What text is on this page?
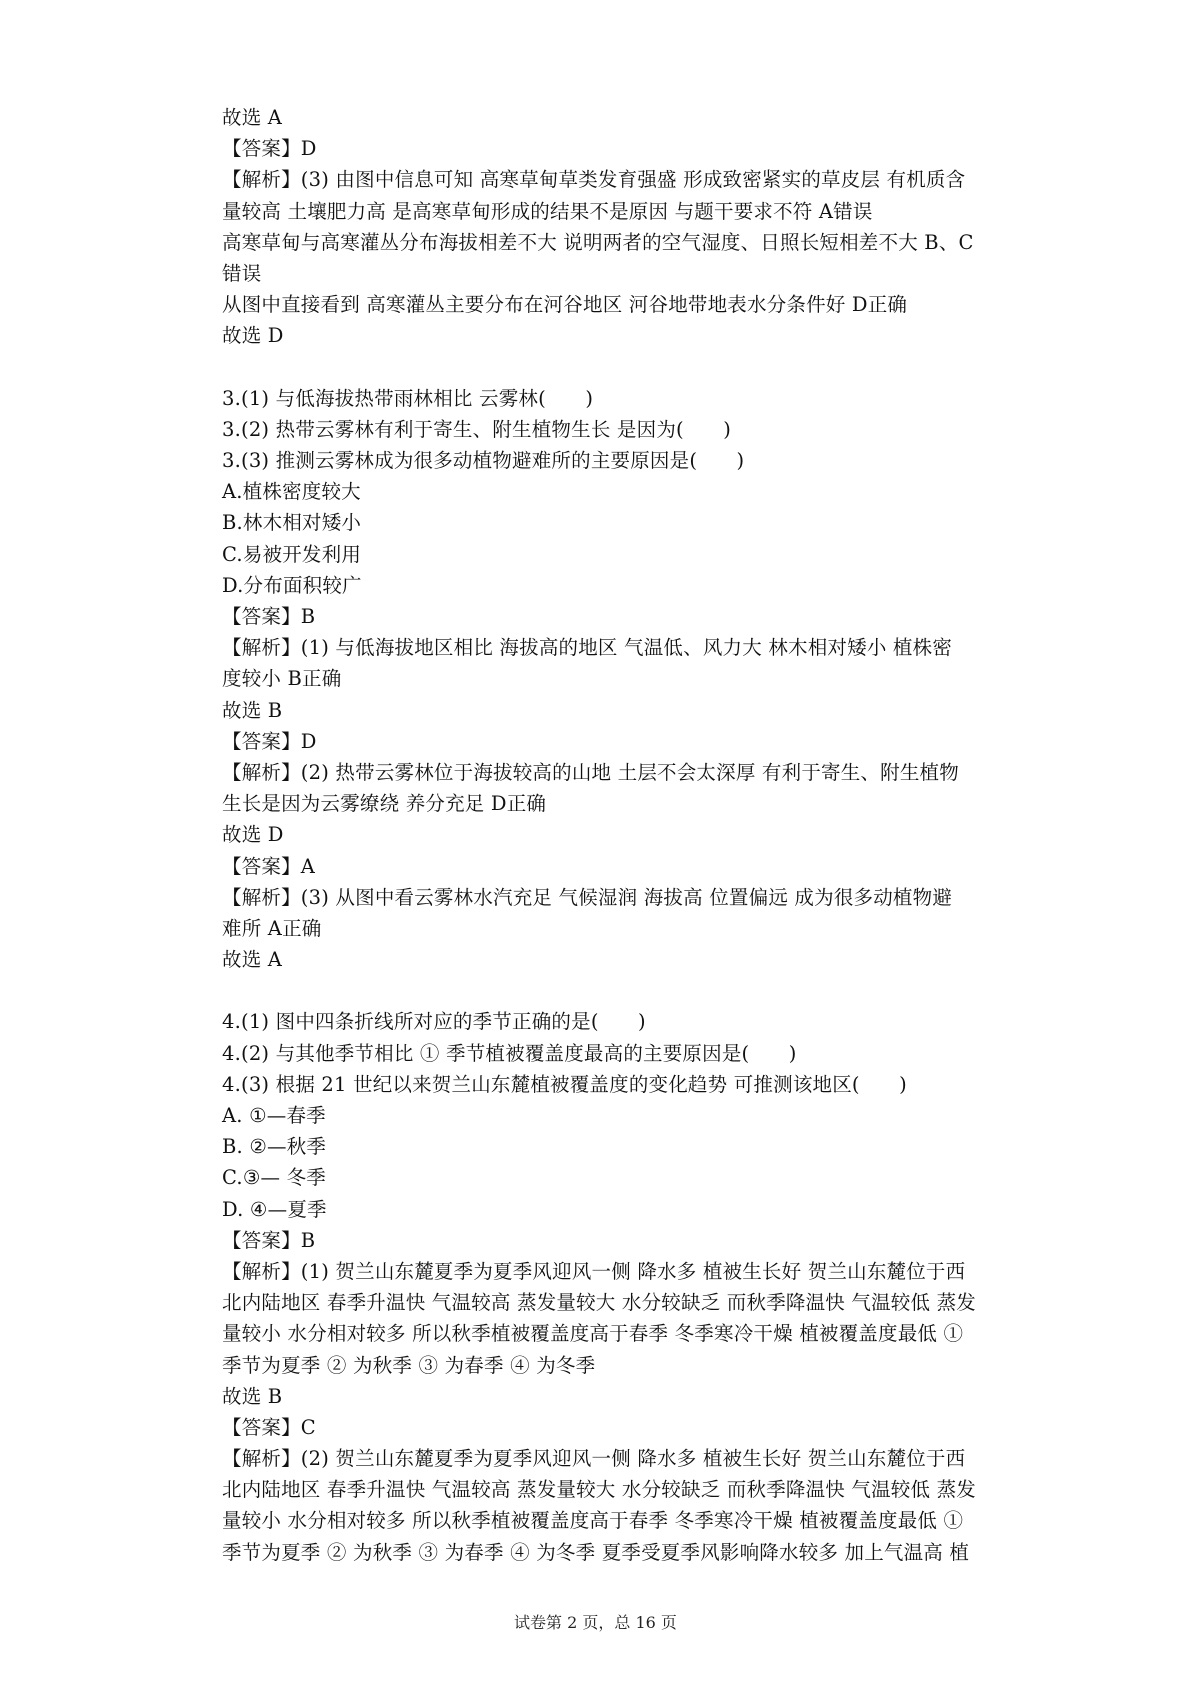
故选 A
【答案】D
【解析】(3) 由图中信息可知 高寒草甸草类发育强盛 形成致密紧实的草皮层 有机质含
量较高 土壤肥力高 是高寒草甸形成的结果不是原因 与题干要求不符 A错误
高寒草甸与高寒灌丛分布海拔相差不大 说明两者的空气湿度、日照长短相差不大 B、C
错误
从图中直接看到 高寒灌丛主要分布在河谷地区 河谷地带地表水分条件好 D正确
故选 D
3.(1) 与低海拔热带雨林相比 云雾林(　　)
3.(2) 热带云雾林有利于寄生、附生植物生长 是因为(　　)
3.(3) 推测云雾林成为很多动植物避难所的主要原因是(　　)
A.植株密度较大
B.林木相对矮小
C.易被开发利用
D.分布面积较广
【答案】B
【解析】(1) 与低海拔地区相比 海拔高的地区 气温低、风力大 林木相对矮小 植株密
度较小 B正确
故选 B
【答案】D
【解析】(2) 热带云雾林位于海拔较高的山地 土层不会太深厚 有利于寄生、附生植物
生长是因为云雾缭绕 养分充足 D正确
故选 D
【答案】A
【解析】(3) 从图中看云雾林水汽充足 气候湿润 海拔高 位置偏远 成为很多动植物避
难所 A正确
故选 A
4.(1) 图中四条折线所对应的季节正确的是(　　)
4.(2) 与其他季节相比 ① 季节植被覆盖度最高的主要原因是(　　)
4.(3) 根据 21 世纪以来贺兰山东麓植被覆盖度的变化趋势 可推测该地区(　　)
A. ①—春季
B. ②—秋季
C.③— 冬季
D. ④—夏季
【答案】B
【解析】(1) 贺兰山东麓夏季为夏季风迎风一侧 降水多 植被生长好 贺兰山东麓位于西
北内陆地区 春季升温快 气温较高 蒸发量较大 水分较缺乏 而秋季降温快 气温较低 蒸发
量较小 水分相对较多 所以秋季植被覆盖度高于春季 冬季寒冷干燥 植被覆盖度最低 ①
季节为夏季 ② 为秋季 ③ 为春季 ④ 为冬季
故选 B
【答案】C
【解析】(2) 贺兰山东麓夏季为夏季风迎风一侧 降水多 植被生长好 贺兰山东麓位于西
北内陆地区 春季升温快 气温较高 蒸发量较大 水分较缺乏 而秋季降温快 气温较低 蒸发
量较小 水分相对较多 所以秋季植被覆盖度高于春季 冬季寒冷干燥 植被覆盖度最低 ①
季节为夏季 ② 为秋季 ③ 为春季 ④ 为冬季 夏季受夏季风影响降水较多 加上气温高 植
试卷第 2 页，总 16 页
